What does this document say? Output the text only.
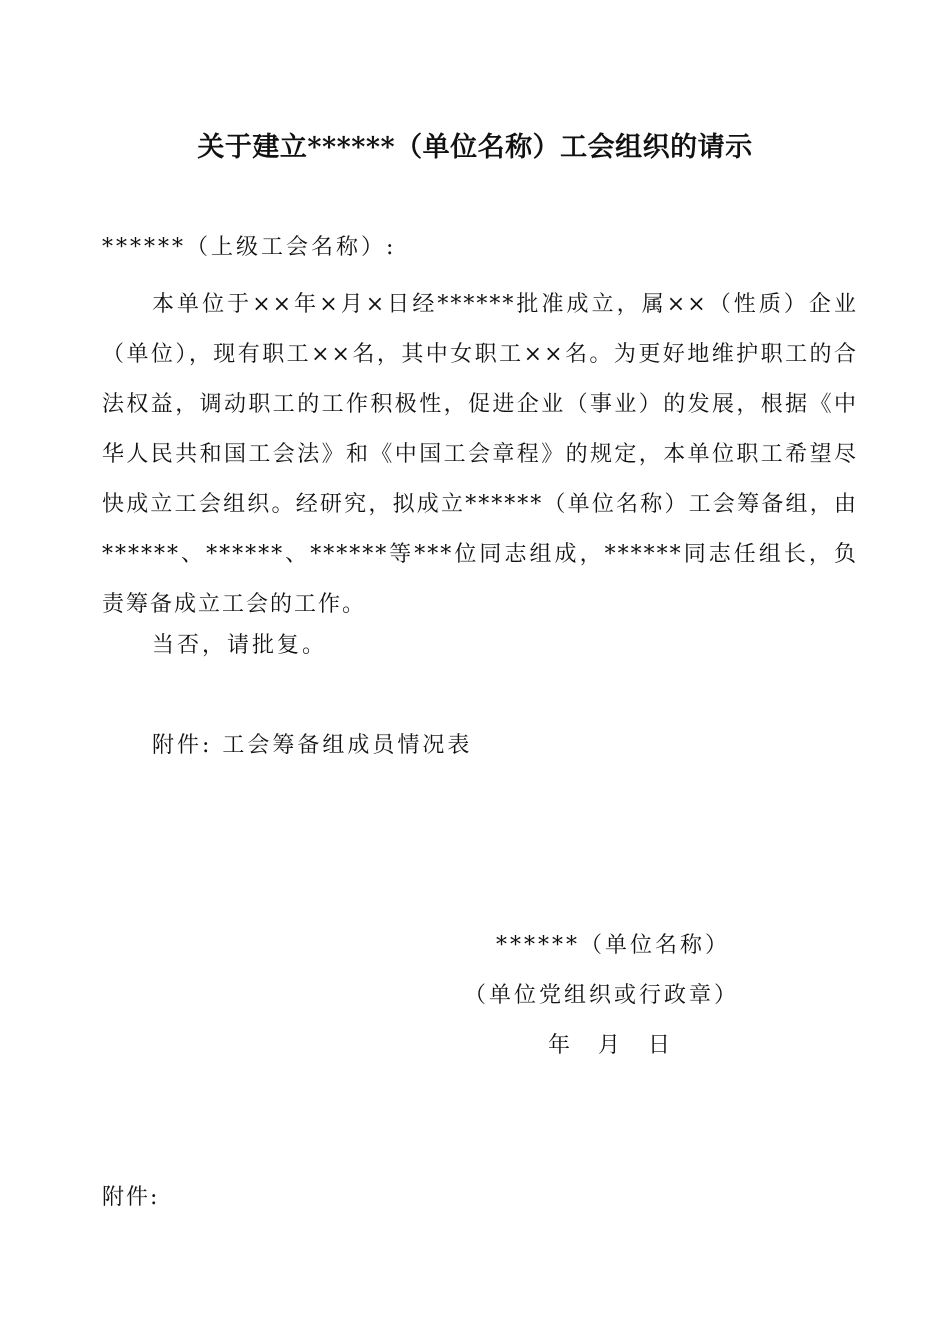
关于建立******（单位名称）工会组织的请示
******（上级工会名称）:

本单位于××年×月×日经******批准成立，属××（性质）企业（单位），现有职工××名，其中女职工××名。为更好地维护职工的合法权益，调动职工的工作积极性，促进企业（事业）的发展，根据《中华人民共和国工会法》和《中国工会章程》的规定，本单位职工希望尽快成立工会组织。经研究，拟成立******（单位名称）工会筹备组，由******、******、******等***位同志组成，******同志任组长，负责筹备成立工会的工作。

当否，请批复。
附件: 工会筹备组成员情况表
******（单位名称）
（单位党组织或行政章）
年    月    日
附件:
